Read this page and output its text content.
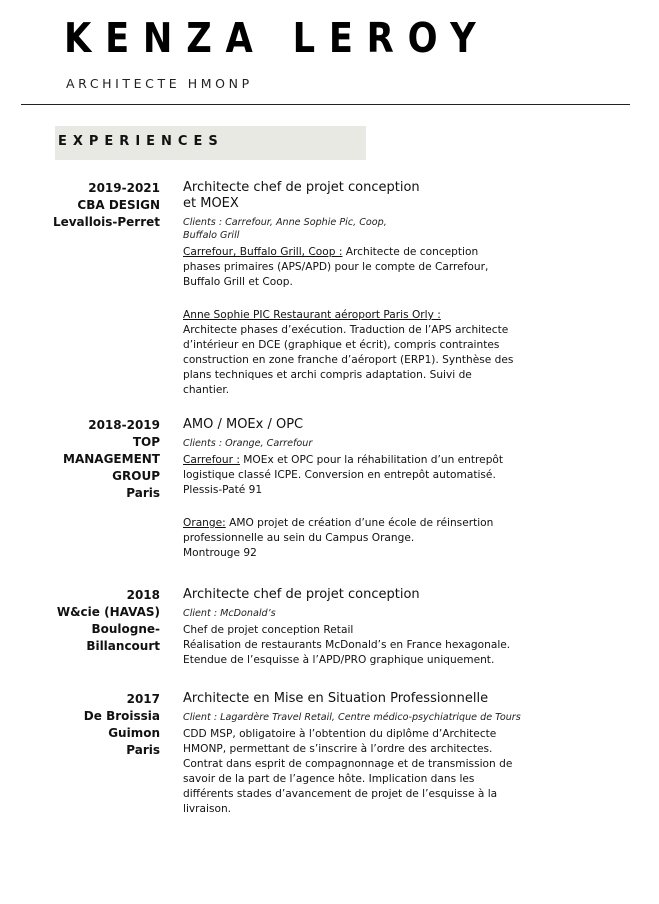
KENZA LEROY
ARCHITECTE HMONP
EXPERIENCES
2019-2021
CBA DESIGN
Levallois-Perret
Architecte chef de projet conception
et MOEX
Clients : Carrefour, Anne Sophie Pic, Coop,
Buffalo Grill
Carrefour, Buffalo Grill, Coop : Architecte de conception
phases primaires (APS/APD) pour le compte de Carrefour,
Buffalo Grill et Coop.
Anne Sophie PIC Restaurant aéroport Paris Orly :
Architecte phases d’exécution. Traduction de l’APS architecte
d’intérieur en DCE (graphique et écrit), compris contraintes
construction en zone franche d’aéroport (ERP1). Synthèse des
plans techniques et archi compris adaptation. Suivi de
chantier.
2018-2019
TOP
MANAGEMENT
GROUP
Paris
AMO / MOEx / OPC
Clients : Orange, Carrefour
Carrefour : MOEx et OPC pour la réhabilitation d’un entrepôt
logistique classé ICPE. Conversion en entrepôt automatisé.
Plessis-Paté 91
Orange: AMO projet de création d’une école de réinsertion
professionnelle au sein du Campus Orange.
Montrouge 92
2018
W&cie (HAVAS)
Boulogne-
Billancourt
Architecte chef de projet conception
Client : McDonald’s
Chef de projet conception Retail
Réalisation de restaurants McDonald’s en France hexagonale.
Etendue de l’esquisse à l’APD/PRO graphique uniquement.
2017
De Broissia
Guimon
Paris
Architecte en Mise en Situation Professionnelle
Client : Lagardère Travel Retail, Centre médico-psychiatrique de Tours
CDD MSP, obligatoire à l’obtention du diplôme d’Architecte
HMONP, permettant de s’inscrire à l’ordre des architectes.
Contrat dans esprit de compagnonnage et de transmission de
savoir de la part de l’agence hôte. Implication dans les
différents stades d’avancement de projet de l’esquisse à la
livraison.
